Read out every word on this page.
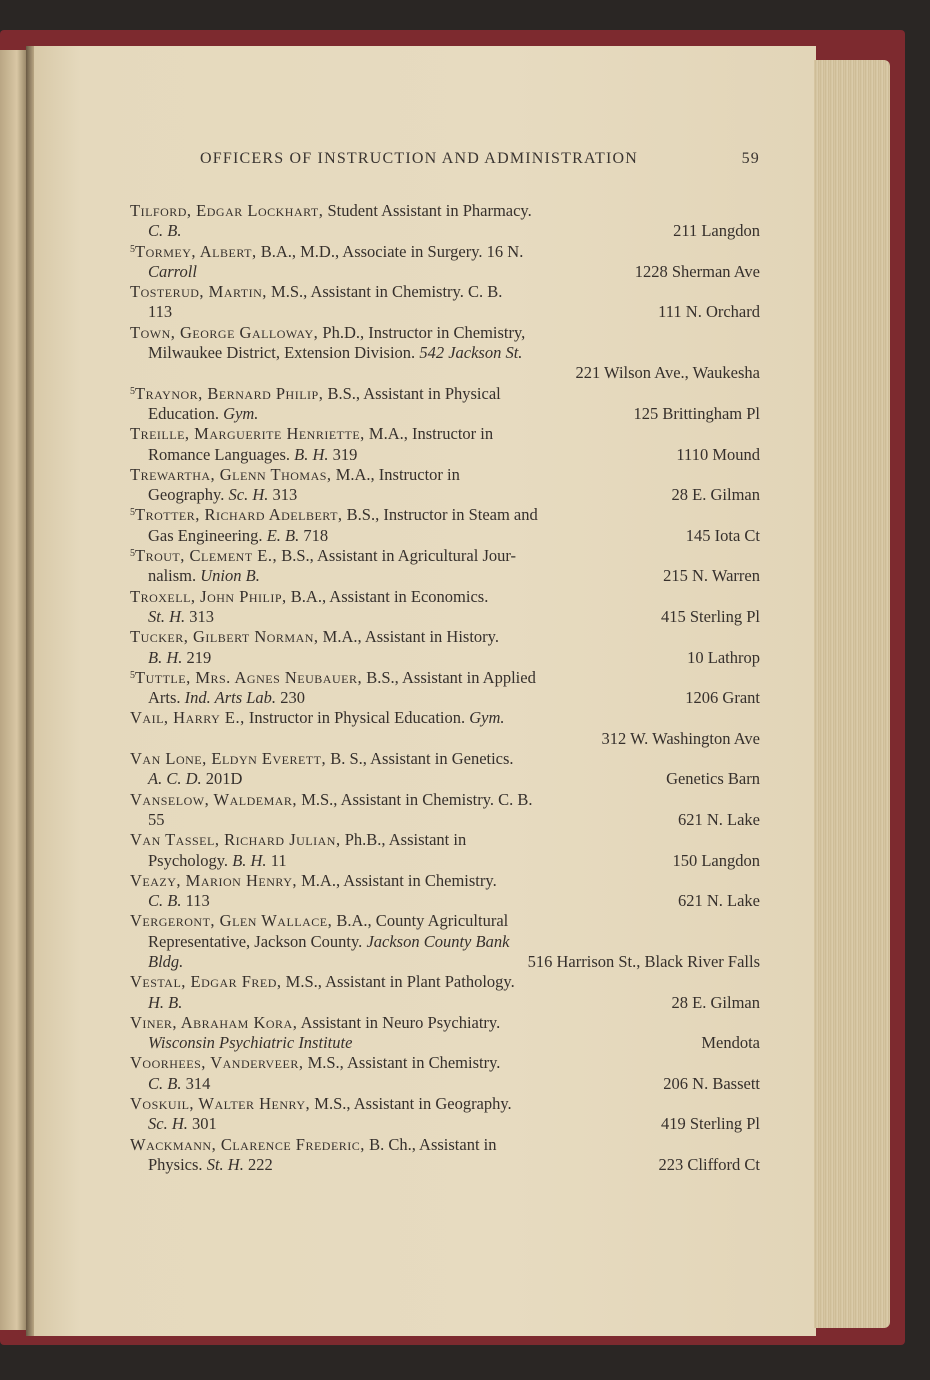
OFFICERS OF INSTRUCTION AND ADMINISTRATION	59
Tilford, Edgar Lockhart, Student Assistant in Pharmacy.
C. B.	211 Langdon
$^5$Tormey, Albert, B.A., M.D., Associate in Surgery. 16 N.
Carroll	1228 Sherman Ave
Tosterud, Martin, M.S., Assistant in Chemistry. C. B.
113	111 N. Orchard
Town, George Galloway, Ph.D., Instructor in Chemistry,
Milwaukee District, Extension Division. 542 Jackson St.
221 Wilson Ave., Waukesha
$^5$Traynor, Bernard Philip, B.S., Assistant in Physical
Education. Gym.	125 Brittingham Pl
Treille, Marguerite Henriette, M.A., Instructor in
Romance Languages. B. H. 319	1110 Mound
Trewartha, Glenn Thomas, M.A., Instructor in
Geography. Sc. H. 313	28 E. Gilman
$^5$Trotter, Richard Adelbert, B.S., Instructor in Steam and
Gas Engineering. E. B. 718	145 Iota Ct
$^5$Trout, Clement E., B.S., Assistant in Agricultural Jour-
nalism. Union B.	215 N. Warren
Troxell, John Philip, B.A., Assistant in Economics.
St. H. 313	415 Sterling Pl
Tucker, Gilbert Norman, M.A., Assistant in History.
B. H. 219	10 Lathrop
$^5$Tuttle, Mrs. Agnes Neubauer, B.S., Assistant in Applied
Arts. Ind. Arts Lab. 230	1206 Grant
Vail, Harry E., Instructor in Physical Education. Gym.
312 W. Washington Ave
Van Lone, Eldyn Everett, B. S., Assistant in Genetics.
A. C. D. 201D	Genetics Barn
Vanselow, Waldemar, M.S., Assistant in Chemistry. C. B.
55	621 N. Lake
Van Tassel, Richard Julian, Ph.B., Assistant in
Psychology. B. H. 11	150 Langdon
Veazy, Marion Henry, M.A., Assistant in Chemistry.
C. B. 113	621 N. Lake
Vergeront, Glen Wallace, B.A., County Agricultural
Representative, Jackson County. Jackson County Bank
Bldg.	516 Harrison St., Black River Falls
Vestal, Edgar Fred, M.S., Assistant in Plant Pathology.
H. B.	28 E. Gilman
Viner, Abraham Kora, Assistant in Neuro Psychiatry.
Wisconsin Psychiatric Institute	Mendota
Voorhees, Vanderveer, M.S., Assistant in Chemistry.
C. B. 314	206 N. Bassett
Voskuil, Walter Henry, M.S., Assistant in Geography.
Sc. H. 301	419 Sterling Pl
Wackmann, Clarence Frederic, B. Ch., Assistant in
Physics. St. H. 222	223 Clifford Ct
